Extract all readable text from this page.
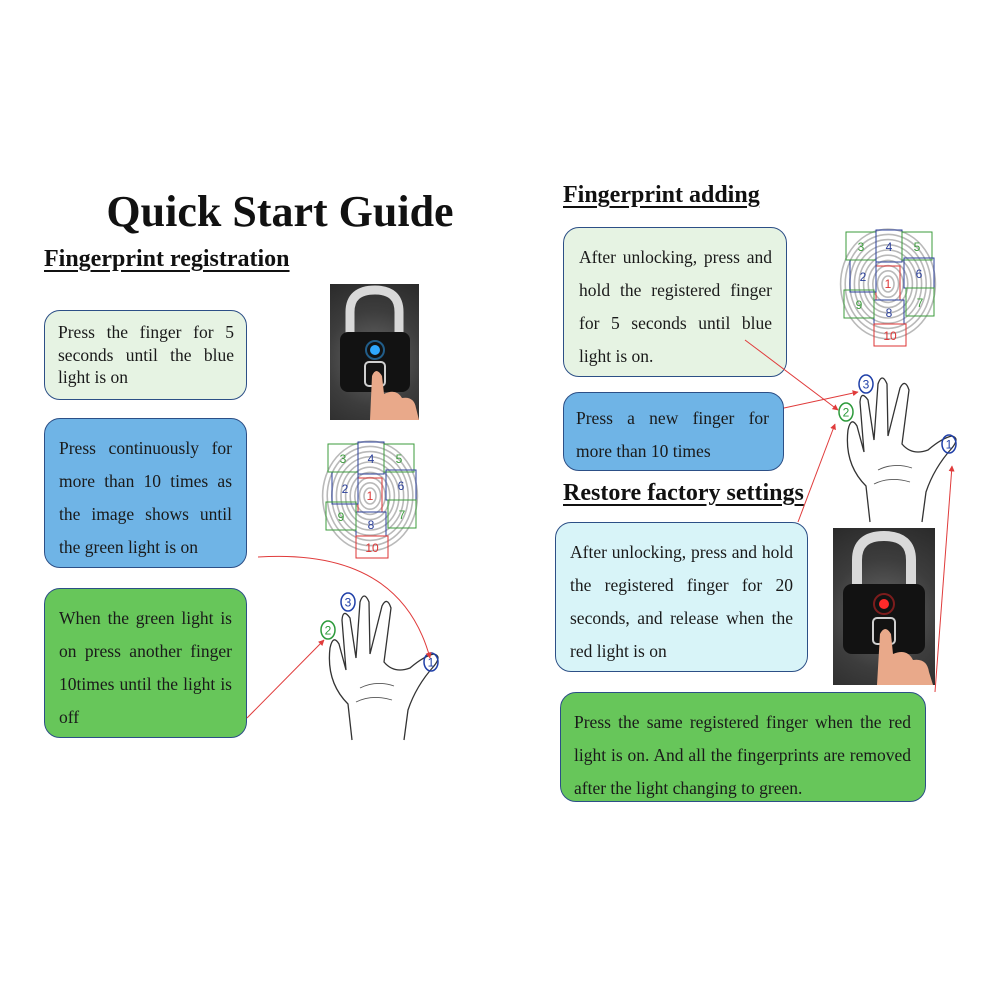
Quick Start Guide
Fingerprint registration
Press the finger for 5 seconds until the blue light is on
Press continuously for more than 10 times as the image shows until the green light is on
When the green light is on press another finger 10times until the light is off
1
2
3 4 5
6
7
8
9
10
1
2
3
Fingerprint adding
After unlocking, press and hold the registered finger for 5 seconds until blue light is on.
Press a new finger for more than 10 times
Restore factory settings
After unlocking, press and hold the registered finger for 20 seconds, and release when the red light is on
Press the same registered finger when the red light is on. And all the fingerprints are removed after the light changing to green.
1
2
3 4 5
6
7
8
9
10
1
2
3
